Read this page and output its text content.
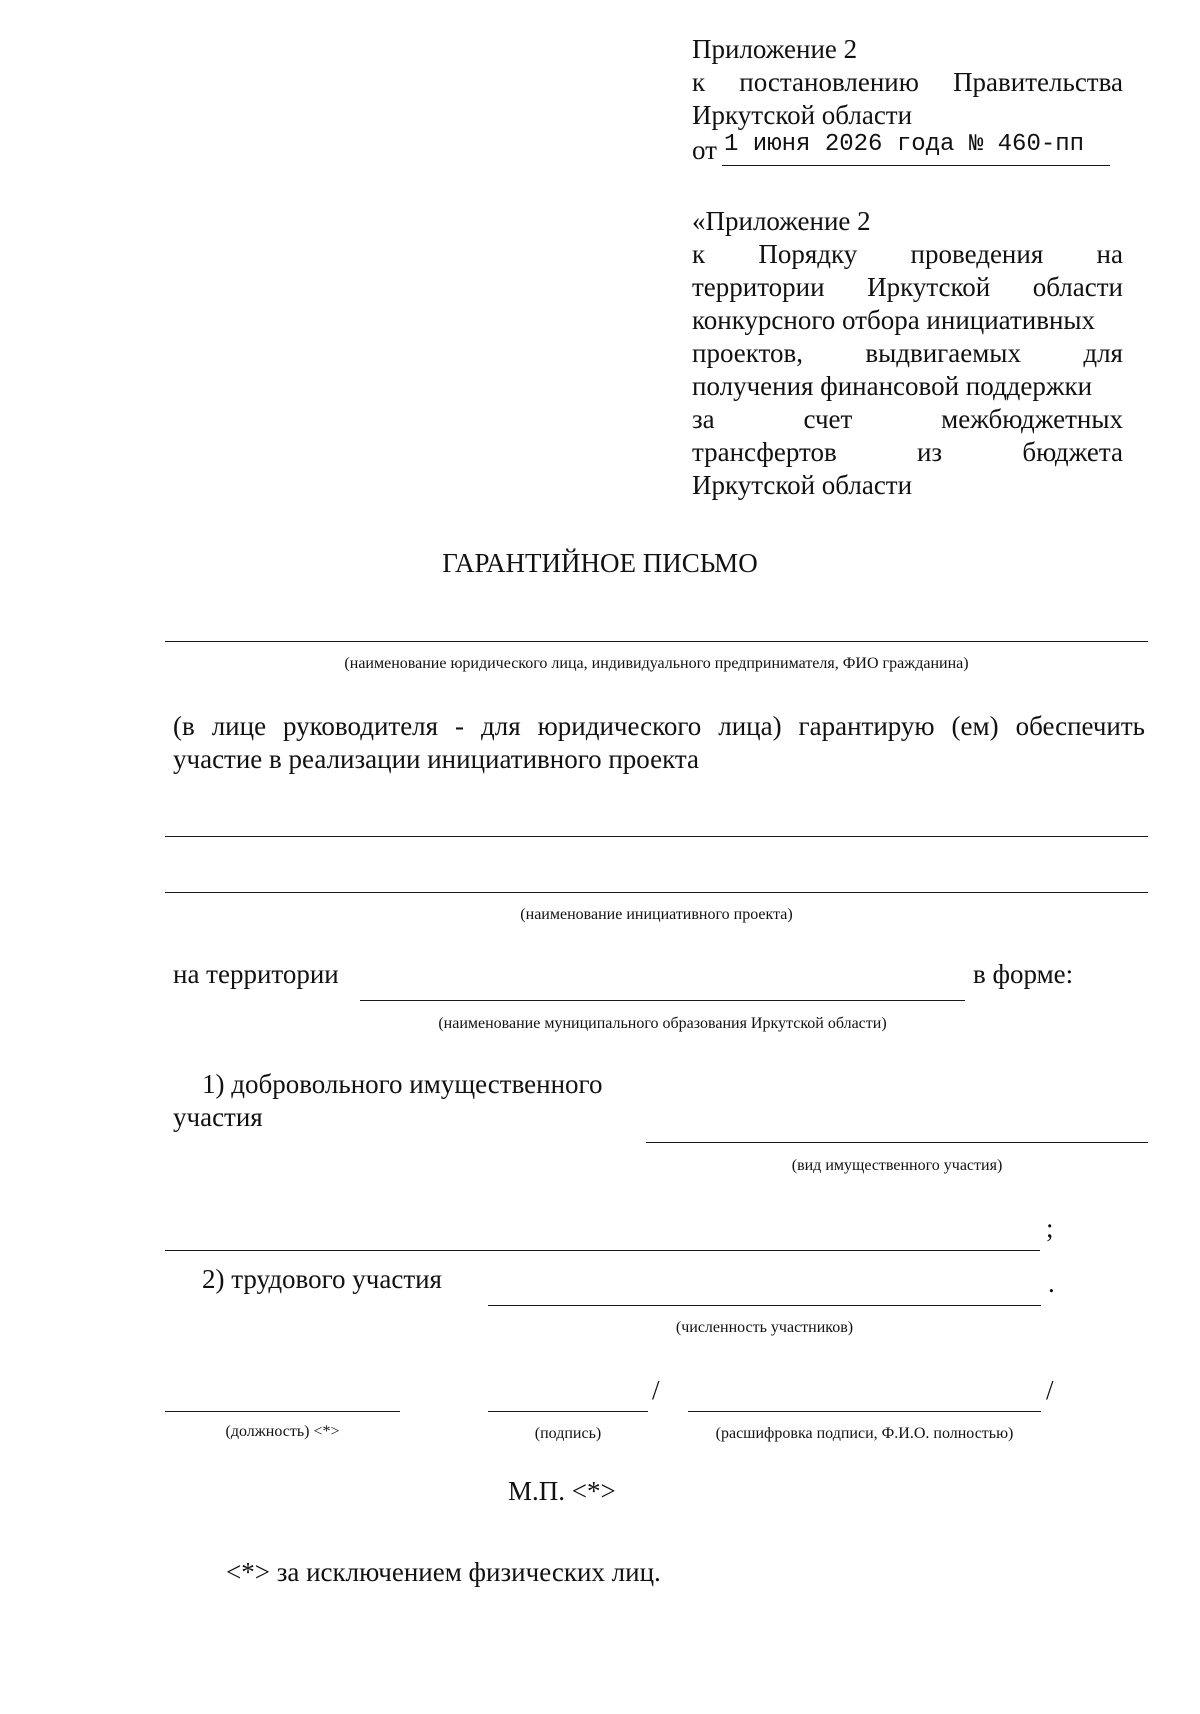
Приложение 2
к постановлению Правительства
Иркутской области
от 1 июня 2026 года № 460-пп
«Приложение 2
к Порядку проведения на
территории Иркутской области
конкурсного отбора инициативных
проектов, выдвигаемых для
получения финансовой поддержки
за	счет	межбюджетных
трансфертов	из	бюджета
Иркутской области
ГАРАНТИЙНОЕ ПИСЬМО
(наименование юридического лица, индивидуального предпринимателя, ФИО гражданина)
(в лице руководителя - для юридического лица) гарантирую (ем) обеспечить
участие в реализации инициативного проекта
(наименование инициативного проекта)
на территории	в форме:
(наименование муниципального образования Иркутской области)
1) добровольного имущественного
участия
(вид имущественного участия)
;
2) трудового участия	.
(численность участников)
/	/
(должность) <*>	(подпись)	(расшифровка подписи, Ф.И.О. полностью)
М.П. <*>
<*> за исключением физических лиц.
